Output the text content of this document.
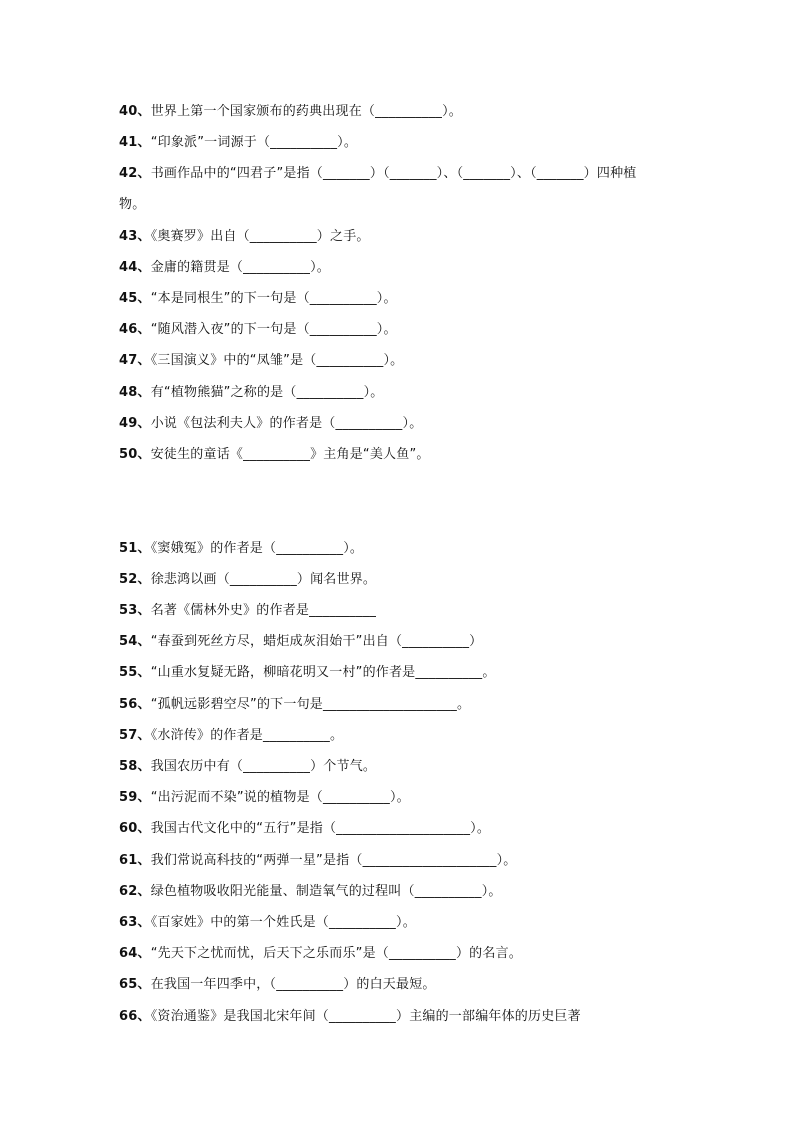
40、世界上第一个国家颁布的药典出现在（__________）。
41、“印象派”一词源于（__________）。
42、书画作品中的“四君子”是指（_______）（_______）、（_______）、（_______）四种植
物。
43、《奥赛罗》出自（__________）之手。
44、金庸的籍贯是（__________）。
45、“本是同根生”的下一句是（__________）。
46、“随风潜入夜”的下一句是（__________）。
47、《三国演义》中的“凤雏”是（__________）。
48、有“植物熊猫”之称的是（__________）。
49、小说《包法利夫人》的作者是（__________）。
50、安徒生的童话《__________》主角是“美人鱼”。
51、《窦娥冤》的作者是（__________）。
52、徐悲鸿以画（__________）闻名世界。
53、名著《儒林外史》的作者是__________
54、“春蚕到死丝方尽，蜡炬成灰泪始干”出自（__________）
55、“山重水复疑无路，柳暗花明又一村”的作者是__________。
56、“孤帆远影碧空尽”的下一句是____________________。
57、《水浒传》的作者是__________。
58、我国农历中有（__________）个节气。
59、“出污泥而不染”说的植物是（__________）。
60、我国古代文化中的“五行”是指（____________________）。
61、我们常说高科技的“两弹一星”是指（____________________）。
62、绿色植物吸收阳光能量、制造氧气的过程叫（__________）。
63、《百家姓》中的第一个姓氏是（__________）。
64、“先天下之忧而忧，后天下之乐而乐”是（__________）的名言。
65、在我国一年四季中，（__________）的白天最短。
66、《资治通鉴》是我国北宋年间（__________）主编的一部编年体的历史巨著
